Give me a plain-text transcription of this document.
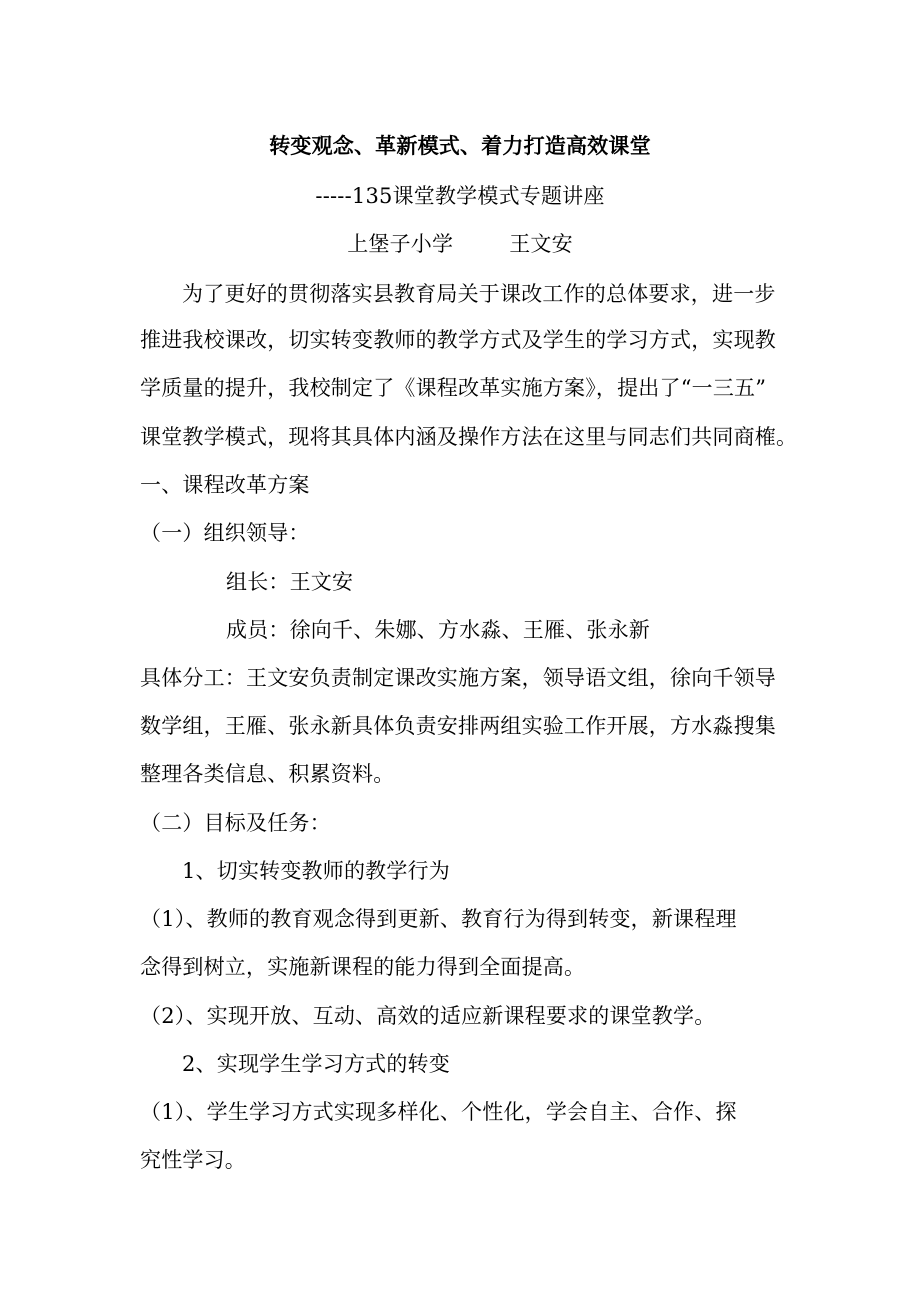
转变观念、革新模式、着力打造高效课堂
-----135课堂教学模式专题讲座
上堡子小学	王文安
为了更好的贯彻落实县教育局关于课改工作的总体要求，进一步
推进我校课改，切实转变教师的教学方式及学生的学习方式，实现教
学质量的提升，我校制定了《课程改革实施方案》，提出了“一三五”
课堂教学模式，现将其具体内涵及操作方法在这里与同志们共同商榷。
一、课程改革方案
（一）组织领导：
组长：王文安
成员：徐向千、朱娜、方水淼、王雁、张永新
具体分工：王文安负责制定课改实施方案，领导语文组，徐向千领导
数学组，王雁、张永新具体负责安排两组实验工作开展，方水淼搜集
整理各类信息、积累资料。
（二）目标及任务：
1、切实转变教师的教学行为
（1）、教师的教育观念得到更新、教育行为得到转变，新课程理
念得到树立，实施新课程的能力得到全面提高。
（2）、实现开放、互动、高效的适应新课程要求的课堂教学。
2、实现学生学习方式的转变
（1）、学生学习方式实现多样化、个性化，学会自主、合作、探
究性学习。
